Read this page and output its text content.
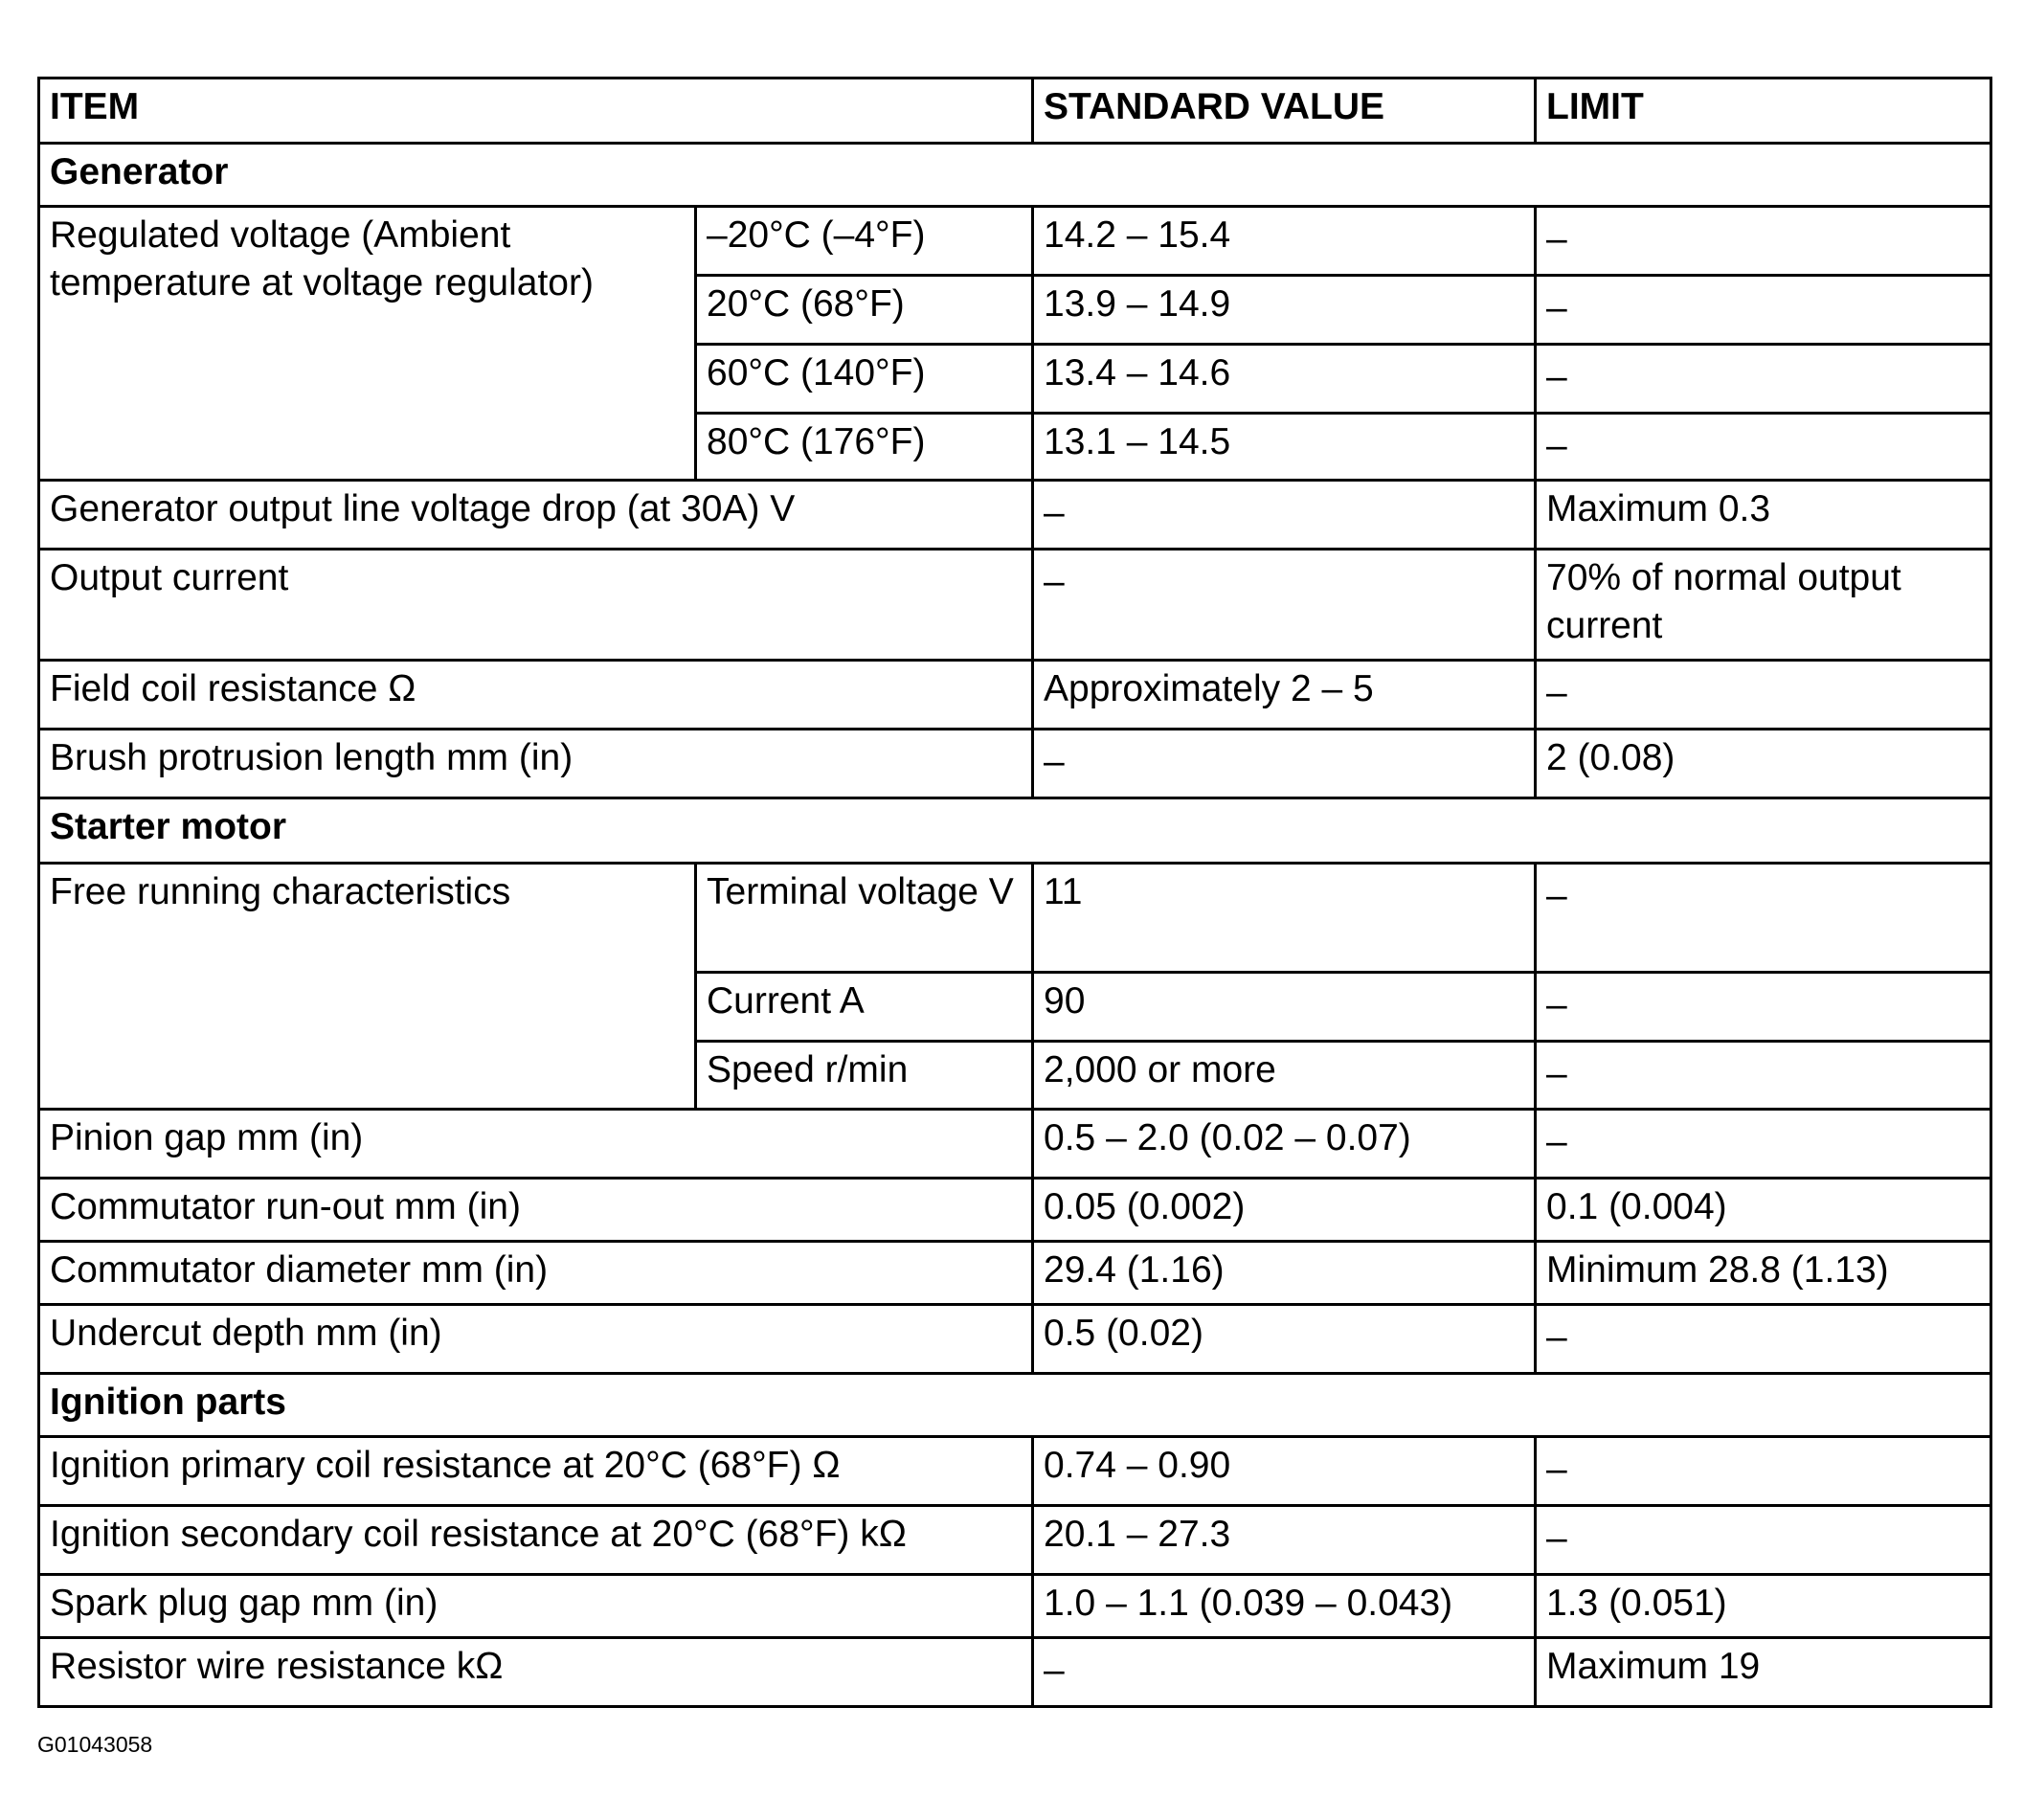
ITEM		STANDARD VALUE	LIMIT
Generator			
Regulated voltage (Ambient temperature at voltage regulator)	–20°C (–4°F)	14.2 – 15.4	–
	20°C (68°F)	13.9 – 14.9	–
	60°C (140°F)	13.4 – 14.6	–
	80°C (176°F)	13.1 – 14.5	–
Generator output line voltage drop (at 30A) V		–	Maximum 0.3
Output current		–	70% of normal output current
Field coil resistance Ω		Approximately 2 – 5	–
Brush protrusion length mm (in)		–	2 (0.08)
Starter motor			
Free running characteristics	Terminal voltage V	11	–
	Current A	90	–
	Speed r/min	2,000 or more	–
Pinion gap mm (in)		0.5 – 2.0 (0.02 – 0.07)	–
Commutator run-out mm (in)		0.05 (0.002)	0.1 (0.004)
Commutator diameter mm (in)		29.4 (1.16)	Minimum 28.8 (1.13)
Undercut depth mm (in)		0.5 (0.02)	–
Ignition parts			
Ignition primary coil resistance at 20°C (68°F) Ω		0.74 – 0.90	–
Ignition secondary coil resistance at 20°C (68°F) kΩ		20.1 – 27.3	–
Spark plug gap mm (in)		1.0 – 1.1 (0.039 – 0.043)	1.3 (0.051)
Resistor wire resistance kΩ		–	Maximum 19
G01043058
